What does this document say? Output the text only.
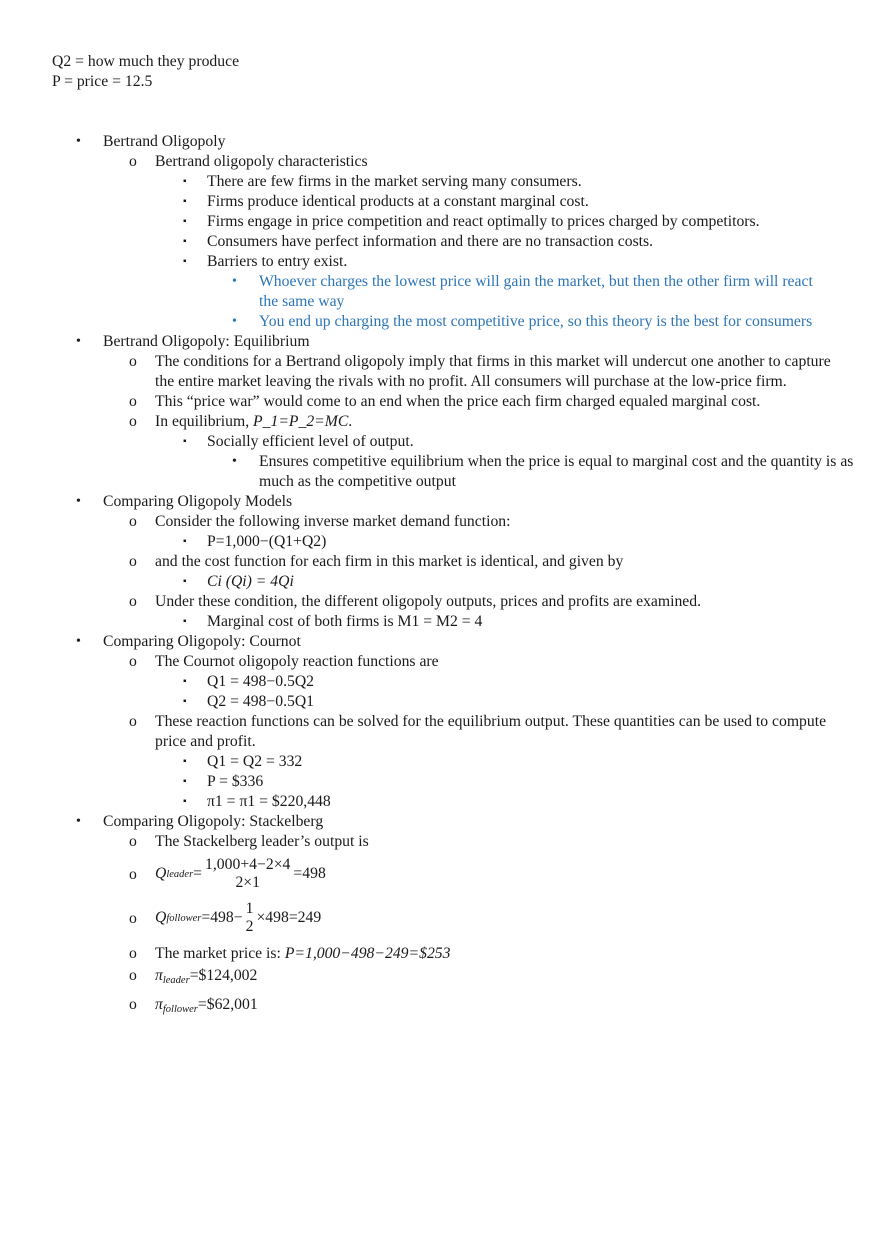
Q2 = how much they produce
P = price = 12.5
• Bertrand Oligopoly
o Bertrand oligopoly characteristics
▪ There are few firms in the market serving many consumers.
▪ Firms produce identical products at a constant marginal cost.
▪ Firms engage in price competition and react optimally to prices charged by competitors.
▪ Consumers have perfect information and there are no transaction costs.
▪ Barriers to entry exist.
• Whoever charges the lowest price will gain the market, but then the other firm will react the same way
• You end up charging the most competitive price, so this theory is the best for consumers
• Bertrand Oligopoly: Equilibrium
o The conditions for a Bertrand oligopoly imply that firms in this market will undercut one another to capture the entire market leaving the rivals with no profit. All consumers will purchase at the low-price firm.
o This “price war” would come to an end when the price each firm charged equaled marginal cost.
o In equilibrium, P_1=P_2=MC.
▪ Socially efficient level of output.
• Ensures competitive equilibrium when the price is equal to marginal cost and the quantity is as much as the competitive output
• Comparing Oligopoly Models
o Consider the following inverse market demand function:
▪ P=1,000−(Q1+Q2)
o and the cost function for each firm in this market is identical, and given by
▪ Ci (Qi) = 4Qi
o Under these condition, the different oligopoly outputs, prices and profits are examined.
▪ Marginal cost of both firms is M1 = M2 = 4
• Comparing Oligopoly: Cournot
o The Cournot oligopoly reaction functions are
▪ Q1 = 498−0.5Q2
▪ Q2 = 498−0.5Q1
o These reaction functions can be solved for the equilibrium output. These quantities can be used to compute price and profit.
▪ Q1 = Q2 = 332
▪ P = $336
▪ π1 = π1 = $220,448
• Comparing Oligopoly: Stackelberg
o The Stackelberg leader’s output is
o Q leader =
1,000+4−2×4
2×1
=498
o Q follower =498−
1
2
×498=249
o The market price is: P=1,000−498−249=$253
o $\pi_{leader}=\$124,002$
o $\pi_{follower}=\$62,001$
